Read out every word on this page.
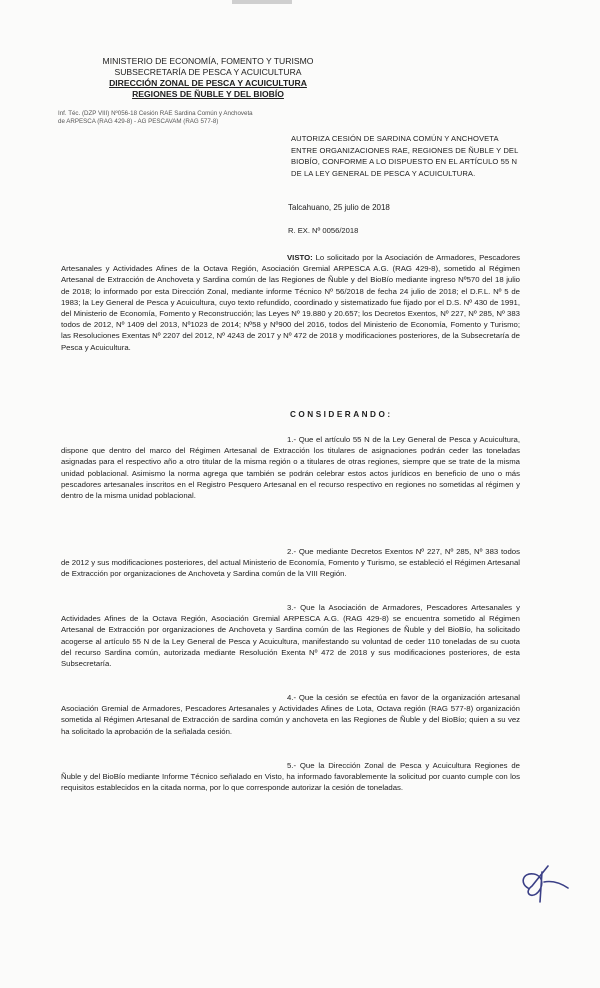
MINISTERIO DE ECONOMÍA, FOMENTO Y TURISMO
SUBSECRETARÍA DE PESCA Y ACUICULTURA
DIRECCIÓN ZONAL DE PESCA Y ACUICULTURA
REGIONES DE ÑUBLE Y DEL BIOBÍO
Inf. Téc. (DZP VIII) Nº056-18 Cesión RAE Sardina Común y Anchoveta
de ARPESCA (RAG 429-8) - AG PESCAVAM (RAG 577-8)
AUTORIZA CESIÓN DE SARDINA COMÚN Y ANCHOVETA ENTRE ORGANIZACIONES RAE, REGIONES DE ÑUBLE Y DEL BIOBÍO, CONFORME A LO DISPUESTO EN EL ARTÍCULO 55 N DE LA LEY GENERAL DE PESCA Y ACUICULTURA.
Talcahuano, 25 julio de 2018
R. EX. Nº 0056/2018
VISTO: Lo solicitado por la Asociación de Armadores, Pescadores Artesanales y Actividades Afines de la Octava Región, Asociación Gremial ARPESCA A.G. (RAG 429-8), sometido al Régimen Artesanal de Extracción de Anchoveta y Sardina común de las Regiones de Ñuble y del BioBío mediante ingreso Nº570 del 18 julio de 2018; lo informado por esta Dirección Zonal, mediante informe Técnico Nº 56/2018 de fecha 24 julio de 2018; el D.F.L. Nº 5 de 1983; la Ley General de Pesca y Acuicultura, cuyo texto refundido, coordinado y sistematizado fue fijado por el D.S. Nº 430 de 1991, del Ministerio de Economía, Fomento y Reconstrucción; las Leyes Nº 19.880 y 20.657; los Decretos Exentos, Nº 227, Nº 285, Nº 383 todos de 2012, Nº 1409 del 2013, Nº1023 de 2014; Nº58 y Nº900 del 2016, todos del Ministerio de Economía, Fomento y Turismo; las Resoluciones Exentas Nº 2207 del 2012, Nº 4243 de 2017 y Nº 472 de 2018 y modificaciones posteriores, de la Subsecretaría de Pesca y Acuicultura.
CONSIDERANDO:
1.- Que el artículo 55 N de la Ley General de Pesca y Acuicultura, dispone que dentro del marco del Régimen Artesanal de Extracción los titulares de asignaciones podrán ceder las toneladas asignadas para el respectivo año a otro titular de la misma región o a titulares de otras regiones, siempre que se trate de la misma unidad poblacional. Asimismo la norma agrega que también se podrán celebrar estos actos jurídicos en beneficio de uno o más pescadores artesanales inscritos en el Registro Pesquero Artesanal en el recurso respectivo en regiones no sometidas al régimen y dentro de la misma unidad poblacional.
2.- Que mediante Decretos Exentos Nº 227, Nº 285, Nº 383 todos de 2012 y sus modificaciones posteriores, del actual Ministerio de Economía, Fomento y Turismo, se estableció el Régimen Artesanal de Extracción por organizaciones de Anchoveta y Sardina común de la VIII Región.
3.- Que la Asociación de Armadores, Pescadores Artesanales y Actividades Afines de la Octava Región, Asociación Gremial ARPESCA A.G. (RAG 429-8) se encuentra sometido al Régimen Artesanal de Extracción por organizaciones de Anchoveta y Sardina común de las Regiones de Ñuble y del BioBío, ha solicitado acogerse al artículo 55 N de la Ley General de Pesca y Acuicultura, manifestando su voluntad de ceder 110 toneladas de su cuota del recurso Sardina común, autorizada mediante Resolución Exenta Nº 472 de 2018 y sus modificaciones posteriores, de esta Subsecretaría.
4.- Que la cesión se efectúa en favor de la organización artesanal Asociación Gremial de Armadores, Pescadores Artesanales y Actividades Afines de Lota, Octava región (RAG 577-8) organización sometida al Régimen Artesanal de Extracción de sardina común y anchoveta en las Regiones de Ñuble y del BioBío; quien a su vez ha solicitado la aprobación de la señalada cesión.
5.- Que la Dirección Zonal de Pesca y Acuicultura Regiones de Ñuble y del BioBío mediante Informe Técnico señalado en Visto, ha informado favorablemente la solicitud por cuanto cumple con los requisitos establecidos en la citada norma, por lo que corresponde autorizar la cesión de toneladas.
